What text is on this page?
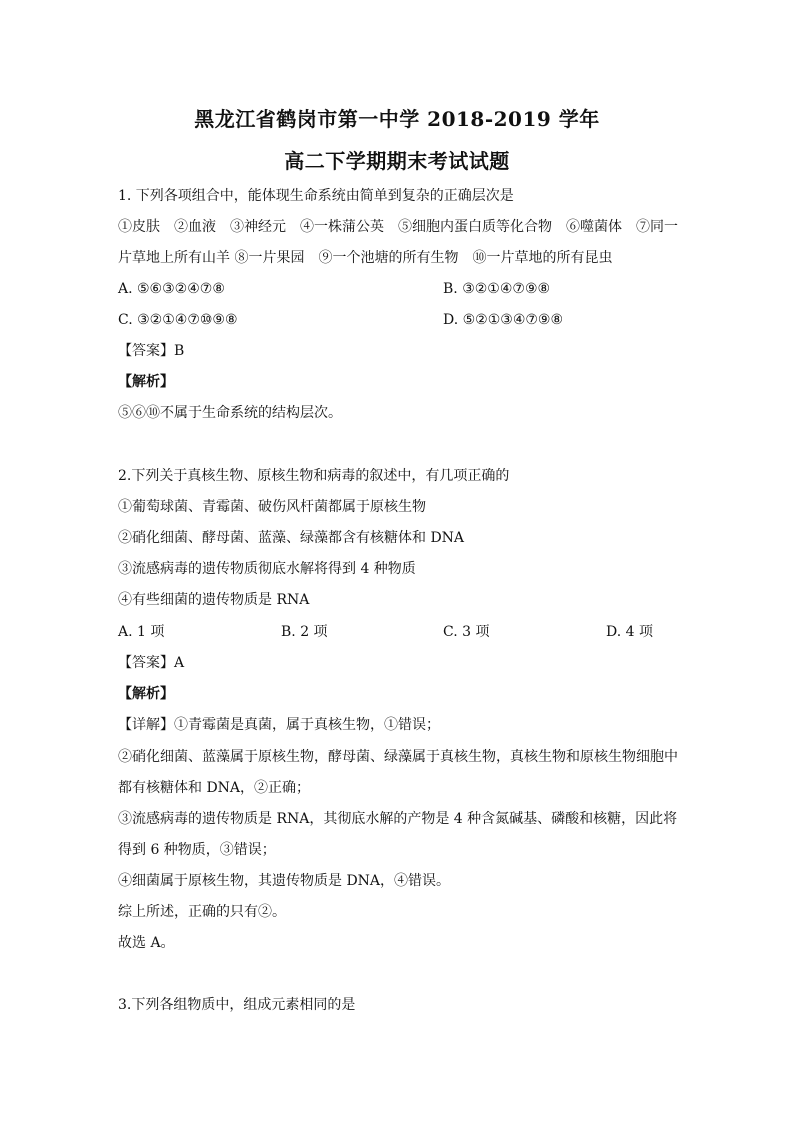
黑龙江省鹤岗市第一中学 2018-2019 学年
高二下学期期末考试试题
1. 下列各项组合中，能体现生命系统由简单到复杂的正确层次是
①皮肤　②血液　③神经元　④一株蒲公英　⑤细胞内蛋白质等化合物　⑥噬菌体　⑦同一
片草地上所有山羊 ⑧一片果园　⑨一个池塘的所有生物　⑩一片草地的所有昆虫
A. ⑤⑥③②④⑦⑧	B. ③②①④⑦⑨⑧
C. ③②①④⑦⑩⑨⑧	D. ⑤②①③④⑦⑨⑧
【答案】B
【解析】
⑤⑥⑩不属于生命系统的结构层次。
2.下列关于真核生物、原核生物和病毒的叙述中，有几项正确的
①葡萄球菌、青霉菌、破伤风杆菌都属于原核生物
②硝化细菌、酵母菌、蓝藻、绿藻都含有核糖体和 DNA
③流感病毒的遗传物质彻底水解将得到 4 种物质
④有些细菌的遗传物质是 RNA
A. 1 项	B. 2 项	C. 3 项	D. 4 项
【答案】A
【解析】
【详解】①青霉菌是真菌，属于真核生物，①错误；
②硝化细菌、蓝藻属于原核生物，酵母菌、绿藻属于真核生物，真核生物和原核生物细胞中
都有核糖体和 DNA，②正确；
③流感病毒的遗传物质是 RNA，其彻底水解的产物是 4 种含氮碱基、磷酸和核糖，因此将
得到 6 种物质，③错误；
④细菌属于原核生物，其遗传物质是 DNA，④错误。
综上所述，正确的只有②。
故选 A。
3.下列各组物质中，组成元素相同的是
